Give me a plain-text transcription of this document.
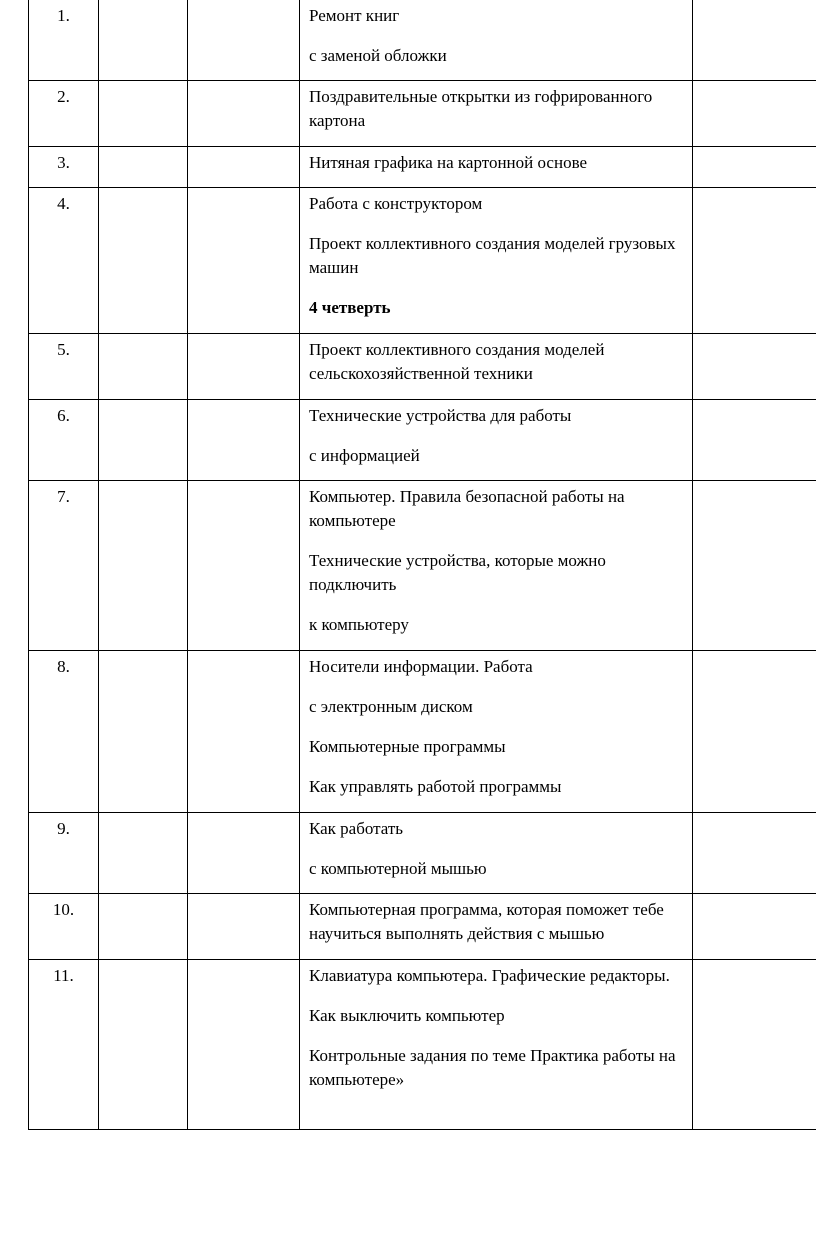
1.			Ремонт книг

с заменой обложки	

2.			Поздравительные открытки из гофрированного картона	

3.			Нитяная графика на картонной основе	

4.			Работа с конструктором

Проект коллективного создания моделей грузовых машин

4 четверть	

5.			Проект коллективного создания моделей сельскохозяйственной техники	

6.			Технические устройства для работы

с информацией	

7.			Компьютер. Правила безопасной работы на компьютере

Технические устройства, которые можно подключить

к компьютеру	

8.			Носители информации. Работа

с электронным диском

Компьютерные программы

Как управлять работой программы	

9.			Как работать

с компьютерной мышью	

10.			Компьютерная программа, которая поможет тебе научиться выполнять действия с мышью	

11.			Клавиатура компьютера. Графические редакторы.

Как выключить компьютер

Контрольные задания по теме Практика работы на компьютере»	
